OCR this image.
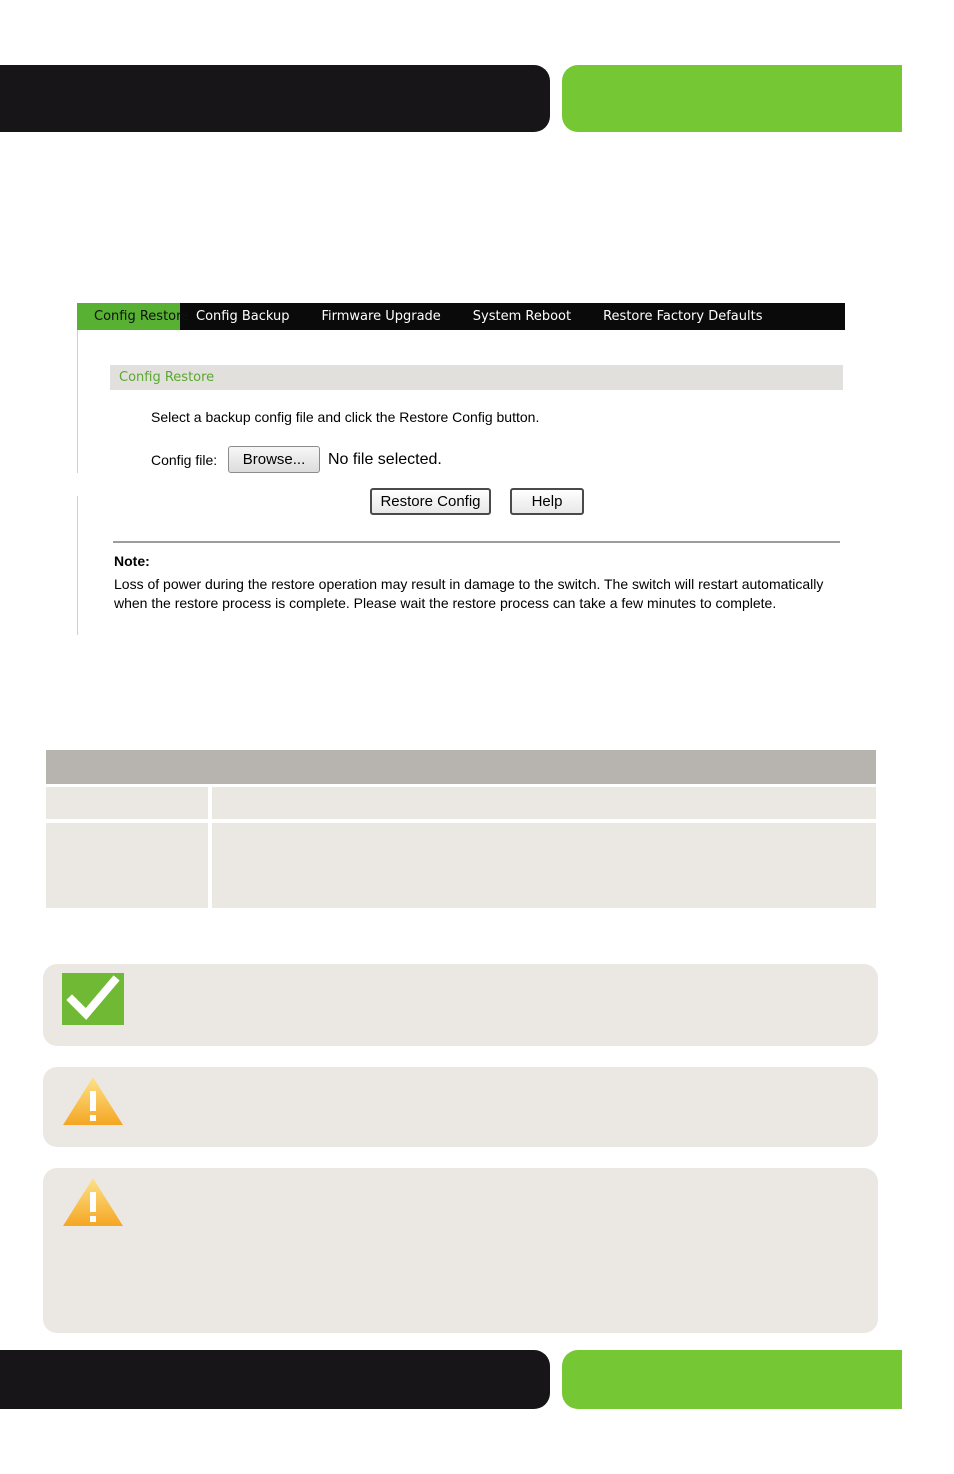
Config Restore Config Backup	Firmware Upgrade	System Reboot	Restore Factory Defaults
Config Restore
Select a backup config file and click the Restore Config button.
Config file:	Browse...	No file selected.
Restore Config	Help
Note:
Loss of power during the restore operation may result in damage to the switch. The switch will restart automatically when the restore process is complete. Please wait the restore process can take a few minutes to complete.
